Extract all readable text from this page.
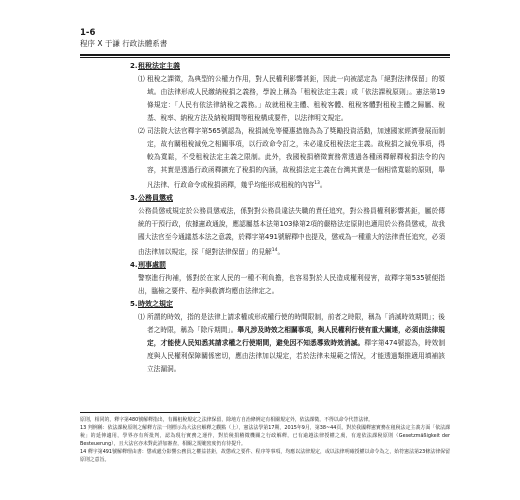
1-6
程序 X 于謙 行政法體系書
2. 租稅法定主義
⑴ 租稅之課徵，為典型的公權力作用，對人民權利影響甚鉅，因此一向被認定為「絕對法律保留」的領域。由法律形成人民繳納稅捐之義務，學說上稱為「租稅法定主義」或「依法課稅原則」。憲法第19條規定：「人民有依法律納稅之義務。」故就租稅主體、租稅客體、租稅客體對租稅主體之歸屬、稅基、稅率、納稅方法及納稅期間等租稅構成要件，以法律明文規定。
⑵ 司法院大法官釋字第565號認為，稅捐減免等優惠措施為為了獎勵投資活動，加速國家經濟發展而制定，故有關租稅減免之相關事項，以行政命令訂之，未必違反租稅法定主義。故稅捐之減免事項，得較為寬鬆，不受租稅法定主義之限制。此外，我國稅捐稽徵實務常透過各種函釋解釋稅捐法令的內容，其實是透過行政函釋擴充了稅捐的內涵，故稅捐法定主義在台灣其實是一個相當寬鬆的原則，舉凡法律、行政命令或稅捐函釋，幾乎均能形成租稅的內容$^{13}$。
3. 公務員懲戒
公務員懲戒規定於公務員懲戒法，係對對公務員違法失職的責任追究，對公務員權利影響甚鉅，屬於傳統的干預行政，依據憲政通說，應認屬基本法第103條第2項的嚴格法定原則也適用於公務員懲戒，故我國大法官至今通議基本法之意義，於釋字第491號解釋中也提及，懲戒為一種重大的法律責任追究，必須由法律加以規定，採「絕對法律保留」的見解$^{14}$。
4. 刑事處罰
警察進行拘補，係對於在家人民的一種不利負擔，也容易對於人民造成權利侵害，故釋字第535號便指出，臨檢之要件、程序與救濟均應由法律定之。
5. 時效之規定
⑴ 所謂的時效，指的是法律上請求權或形成權行使的時間限制，前者之時限，稱為「消滅時效期間」；後者之時限，稱為「除斥期間」。舉凡涉及時效之相關事項，與人民權利行使有重大關連，必須由法律規定，才能使人民知悉其請求權之行使期間，避免因不知悉導致時效消滅。釋字第474號認為，時效制度與人民權利保障關係密切，應由法律加以規定，若於法律未規範之情況，才能透過類推適用填補該立法漏洞。
原則，相同的，釋字第480號解釋指出，有關租稅規定之法律保留，除地方自治條例定有相關規定外，依法課徵，不得以命令代替法律。
13 判例稱：依法課稅原則之解釋方法一則標示為大法官解釋之觀點（上），憲法法學第17期，2015年9月，第38~44頁。對於我國釋憲實務在租稅法定主義方面「依法課稅」的延伸適用，學界亦有所批判，認為現行實務之運作，對於稅捐稽徵機關之行政解釋，已有逾越法律授權之虞，有違依法課稅原則（Gesetzmäßigkeit der Besteuerung），且大法官亦未對此詳加審查，相關之規範密度仍有待提升。
14 釋字第491號解釋理由書：懲戒處分影響公務員之權益甚鉅，故懲戒之要件、程序等事項，均應以法律規定，或以法律明確授權以命令為之，始符憲法第23條法律保留原則之意旨。
